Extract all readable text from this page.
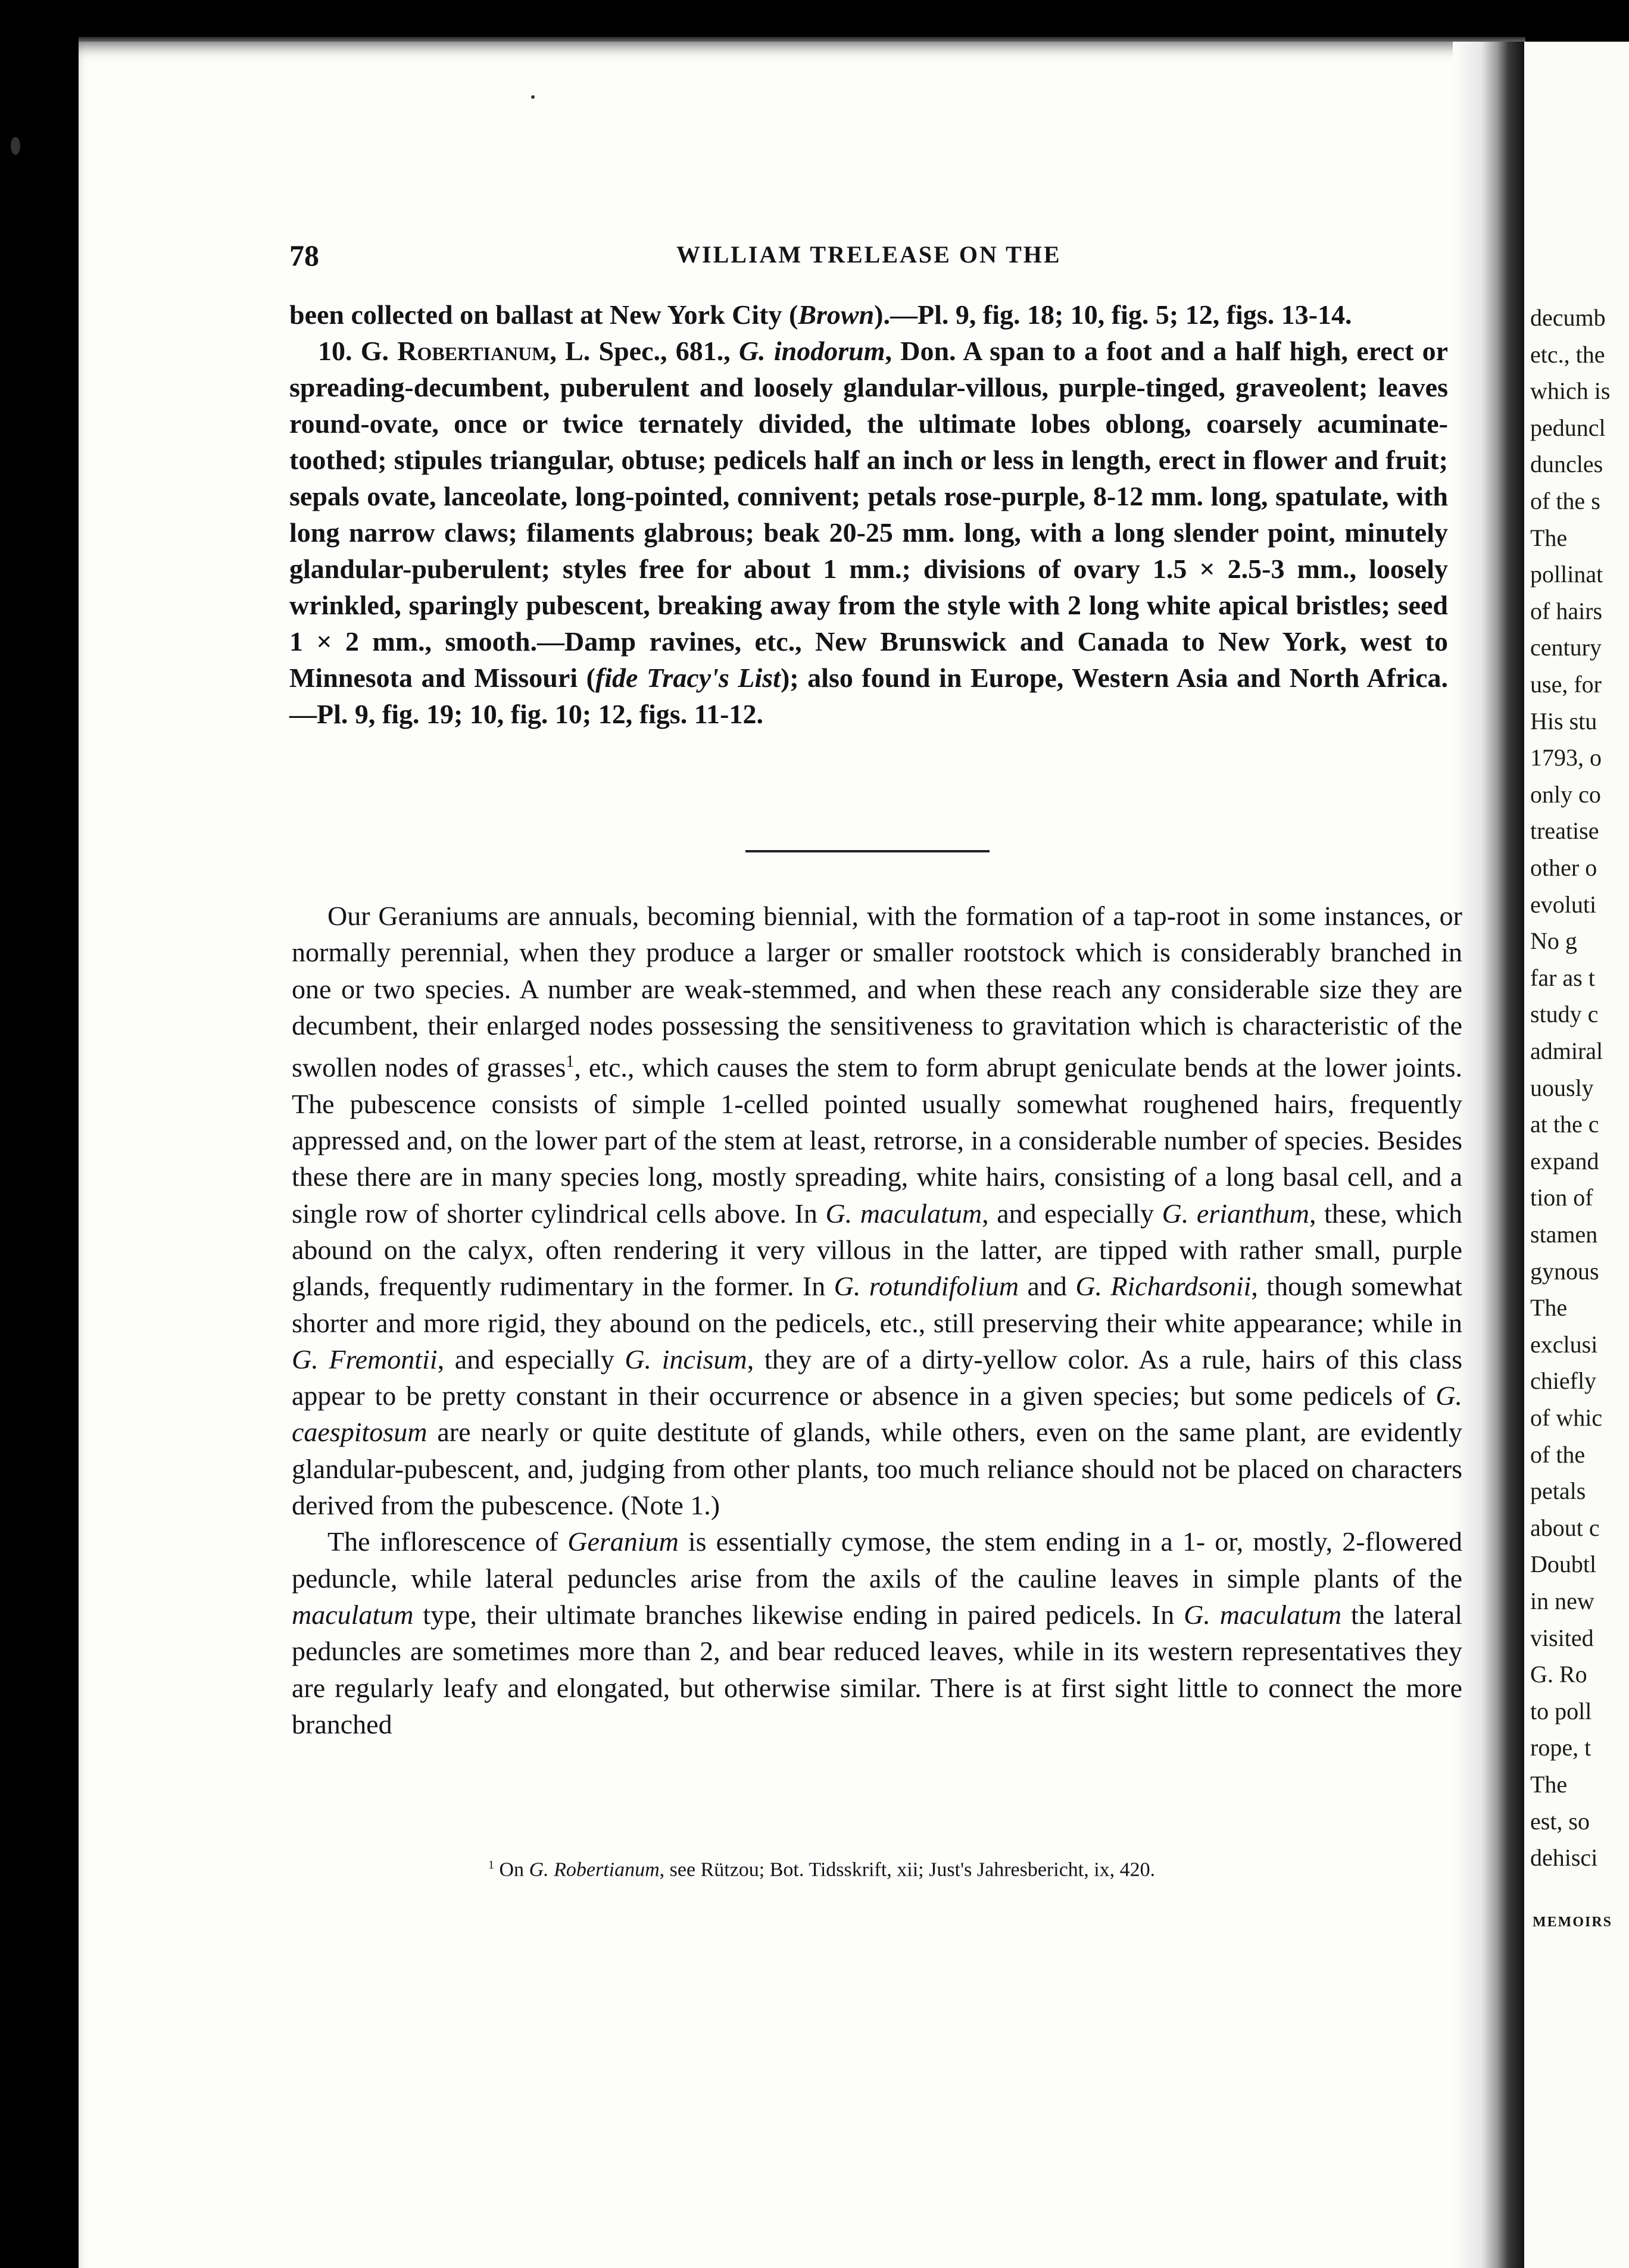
decumb
etc., the
which is
peduncl
duncles
of the s
The
pollinat
of hairs
century
use, for
His stu
1793, o
only co
treatise
other o
evoluti
No g
far as t
study c
admiral
uously
at the c
expand
tion of
stamen
gynous
The
exclusi
chiefly
of whic
of the
petals
about c
Doubtl
in new
visited
G. Ro
to poll
rope, t
The
est, so
dehisci
MEMOIRS
78	WILLIAM TRELEASE ON THE

been collected on ballast at New York City (Brown).—Pl. 9, fig. 18; 10, fig. 5; 12, figs. 13-14.

10. G. Robertianum, L. Spec., 681., G. inodorum, Don. A span to a foot and a half high, erect or spreading-decumbent, puberulent and loosely glandular-villous, purple-tinged, graveolent; leaves round-ovate, once or twice ternately divided, the ultimate lobes oblong, coarsely acuminate-toothed; stipules triangular, obtuse; pedicels half an inch or less in length, erect in flower and fruit; sepals ovate, lanceolate, long-pointed, connivent; petals rose-purple, 8-12 mm. long, spatulate, with long narrow claws; filaments glabrous; beak 20-25 mm. long, with a long slender point, minutely glandular-puberulent; styles free for about 1 mm.; divisions of ovary 1.5 × 2.5-3 mm., loosely wrinkled, sparingly pubescent, breaking away from the style with 2 long white apical bristles; seed 1 × 2 mm., smooth.—Damp ravines, etc., New Brunswick and Canada to New York, west to Minnesota and Missouri (fide Tracy's List); also found in Europe, Western Asia and North Africa.—Pl. 9, fig. 19; 10, fig. 10; 12, figs. 11-12.

Our Geraniums are annuals, becoming biennial, with the formation of a tap-root in some instances, or normally perennial, when they produce a larger or smaller rootstock which is considerably branched in one or two species. A number are weak-stemmed, and when these reach any considerable size they are decumbent, their enlarged nodes possessing the sensitiveness to gravitation which is characteristic of the swollen nodes of grasses$^1$, etc., which causes the stem to form abrupt geniculate bends at the lower joints. The pubescence consists of simple 1-celled pointed usually somewhat roughened hairs, frequently appressed and, on the lower part of the stem at least, retrorse, in a considerable number of species. Besides these there are in many species long, mostly spreading, white hairs, consisting of a long basal cell, and a single row of shorter cylindrical cells above. In G. maculatum, and especially G. erianthum, these, which abound on the calyx, often rendering it very villous in the latter, are tipped with rather small, purple glands, frequently rudimentary in the former. In G. rotundifolium and G. Richardsonii, though somewhat shorter and more rigid, they abound on the pedicels, etc., still preserving their white appearance; while in G. Fremontii, and especially G. incisum, they are of a dirty-yellow color. As a rule, hairs of this class appear to be pretty constant in their occurrence or absence in a given species; but some pedicels of G. caespitosum are nearly or quite destitute of glands, while others, even on the same plant, are evidently glandular-pubescent, and, judging from other plants, too much reliance should not be placed on characters derived from the pubescence. (Note 1.)

The inflorescence of Geranium is essentially cymose, the stem ending in a 1- or, mostly, 2-flowered peduncle, while lateral peduncles arise from the axils of the cauline leaves in simple plants of the maculatum type, their ultimate branches likewise ending in paired pedicels. In G. maculatum the lateral peduncles are sometimes more than 2, and bear reduced leaves, while in its western representatives they are regularly leafy and elongated, but otherwise similar. There is at first sight little to connect the more branched

$^1$ On G. Robertianum, see Rützou; Bot. Tidsskrift, xii; Just's Jahresbericht, ix, 420.
